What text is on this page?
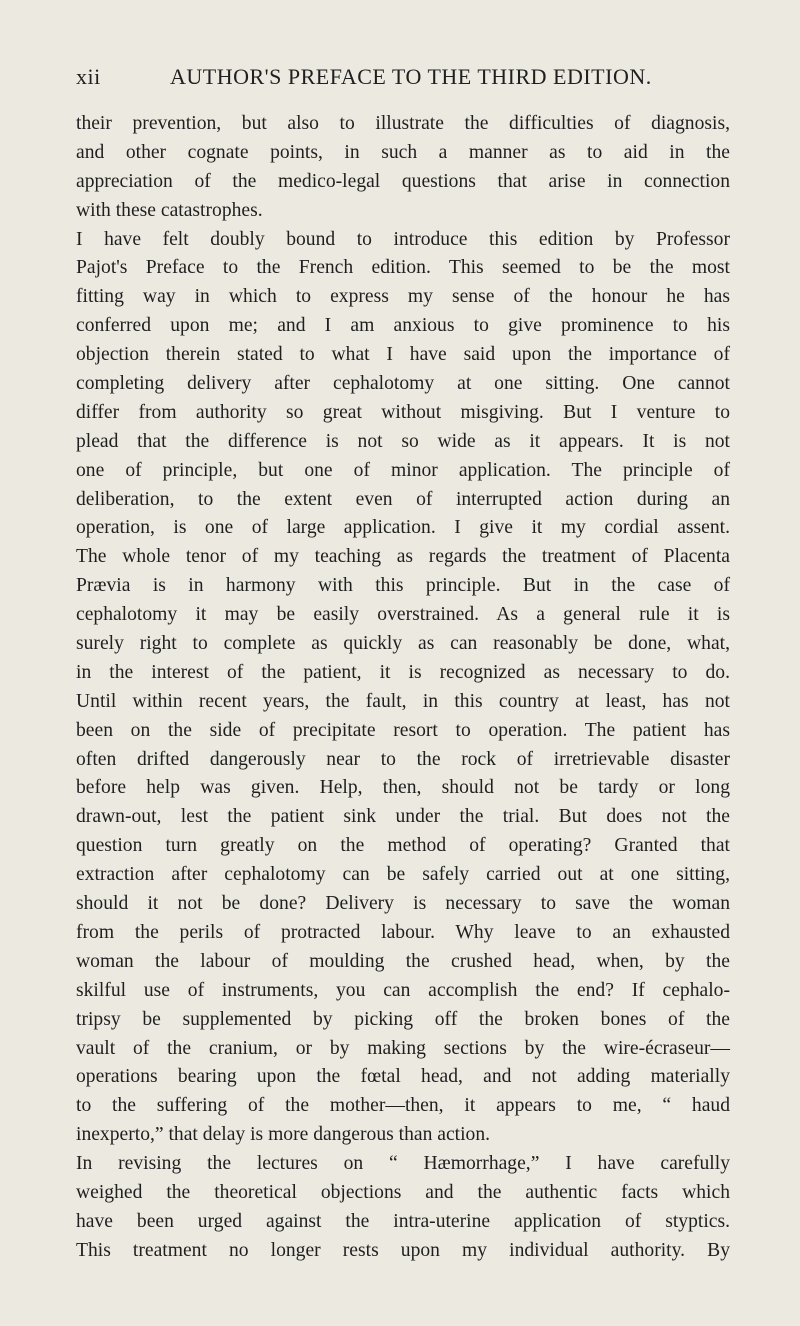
xii	AUTHOR'S PREFACE TO THE THIRD EDITION.
their prevention, but also to illustrate the difficulties of diagnosis,
and other cognate points, in such a manner as to aid in the
appreciation of the medico-legal questions that arise in connection
with these catastrophes.
I have felt doubly bound to introduce this edition by Professor
Pajot's Preface to the French edition. This seemed to be the most
fitting way in which to express my sense of the honour he has
conferred upon me; and I am anxious to give prominence to his
objection therein stated to what I have said upon the importance of
completing delivery after cephalotomy at one sitting. One cannot
differ from authority so great without misgiving. But I venture to
plead that the difference is not so wide as it appears. It is not
one of principle, but one of minor application. The principle of
deliberation, to the extent even of interrupted action during an
operation, is one of large application. I give it my cordial assent.
The whole tenor of my teaching as regards the treatment of Placenta
Prævia is in harmony with this principle. But in the case of
cephalotomy it may be easily overstrained. As a general rule it is
surely right to complete as quickly as can reasonably be done, what,
in the interest of the patient, it is recognized as necessary to do.
Until within recent years, the fault, in this country at least, has not
been on the side of precipitate resort to operation. The patient has
often drifted dangerously near to the rock of irretrievable disaster
before help was given. Help, then, should not be tardy or long
drawn-out, lest the patient sink under the trial. But does not the
question turn greatly on the method of operating? Granted that
extraction after cephalotomy can be safely carried out at one sitting,
should it not be done? Delivery is necessary to save the woman
from the perils of protracted labour. Why leave to an exhausted
woman the labour of moulding the crushed head, when, by the
skilful use of instruments, you can accomplish the end? If cephalo-
tripsy be supplemented by picking off the broken bones of the
vault of the cranium, or by making sections by the wire-écraseur—
operations bearing upon the fœtal head, and not adding materially
to the suffering of the mother—then, it appears to me, “ haud
inexperto,” that delay is more dangerous than action.
In revising the lectures on “ Hæmorrhage,” I have carefully
weighed the theoretical objections and the authentic facts which
have been urged against the intra-uterine application of styptics.
This treatment no longer rests upon my individual authority. By
